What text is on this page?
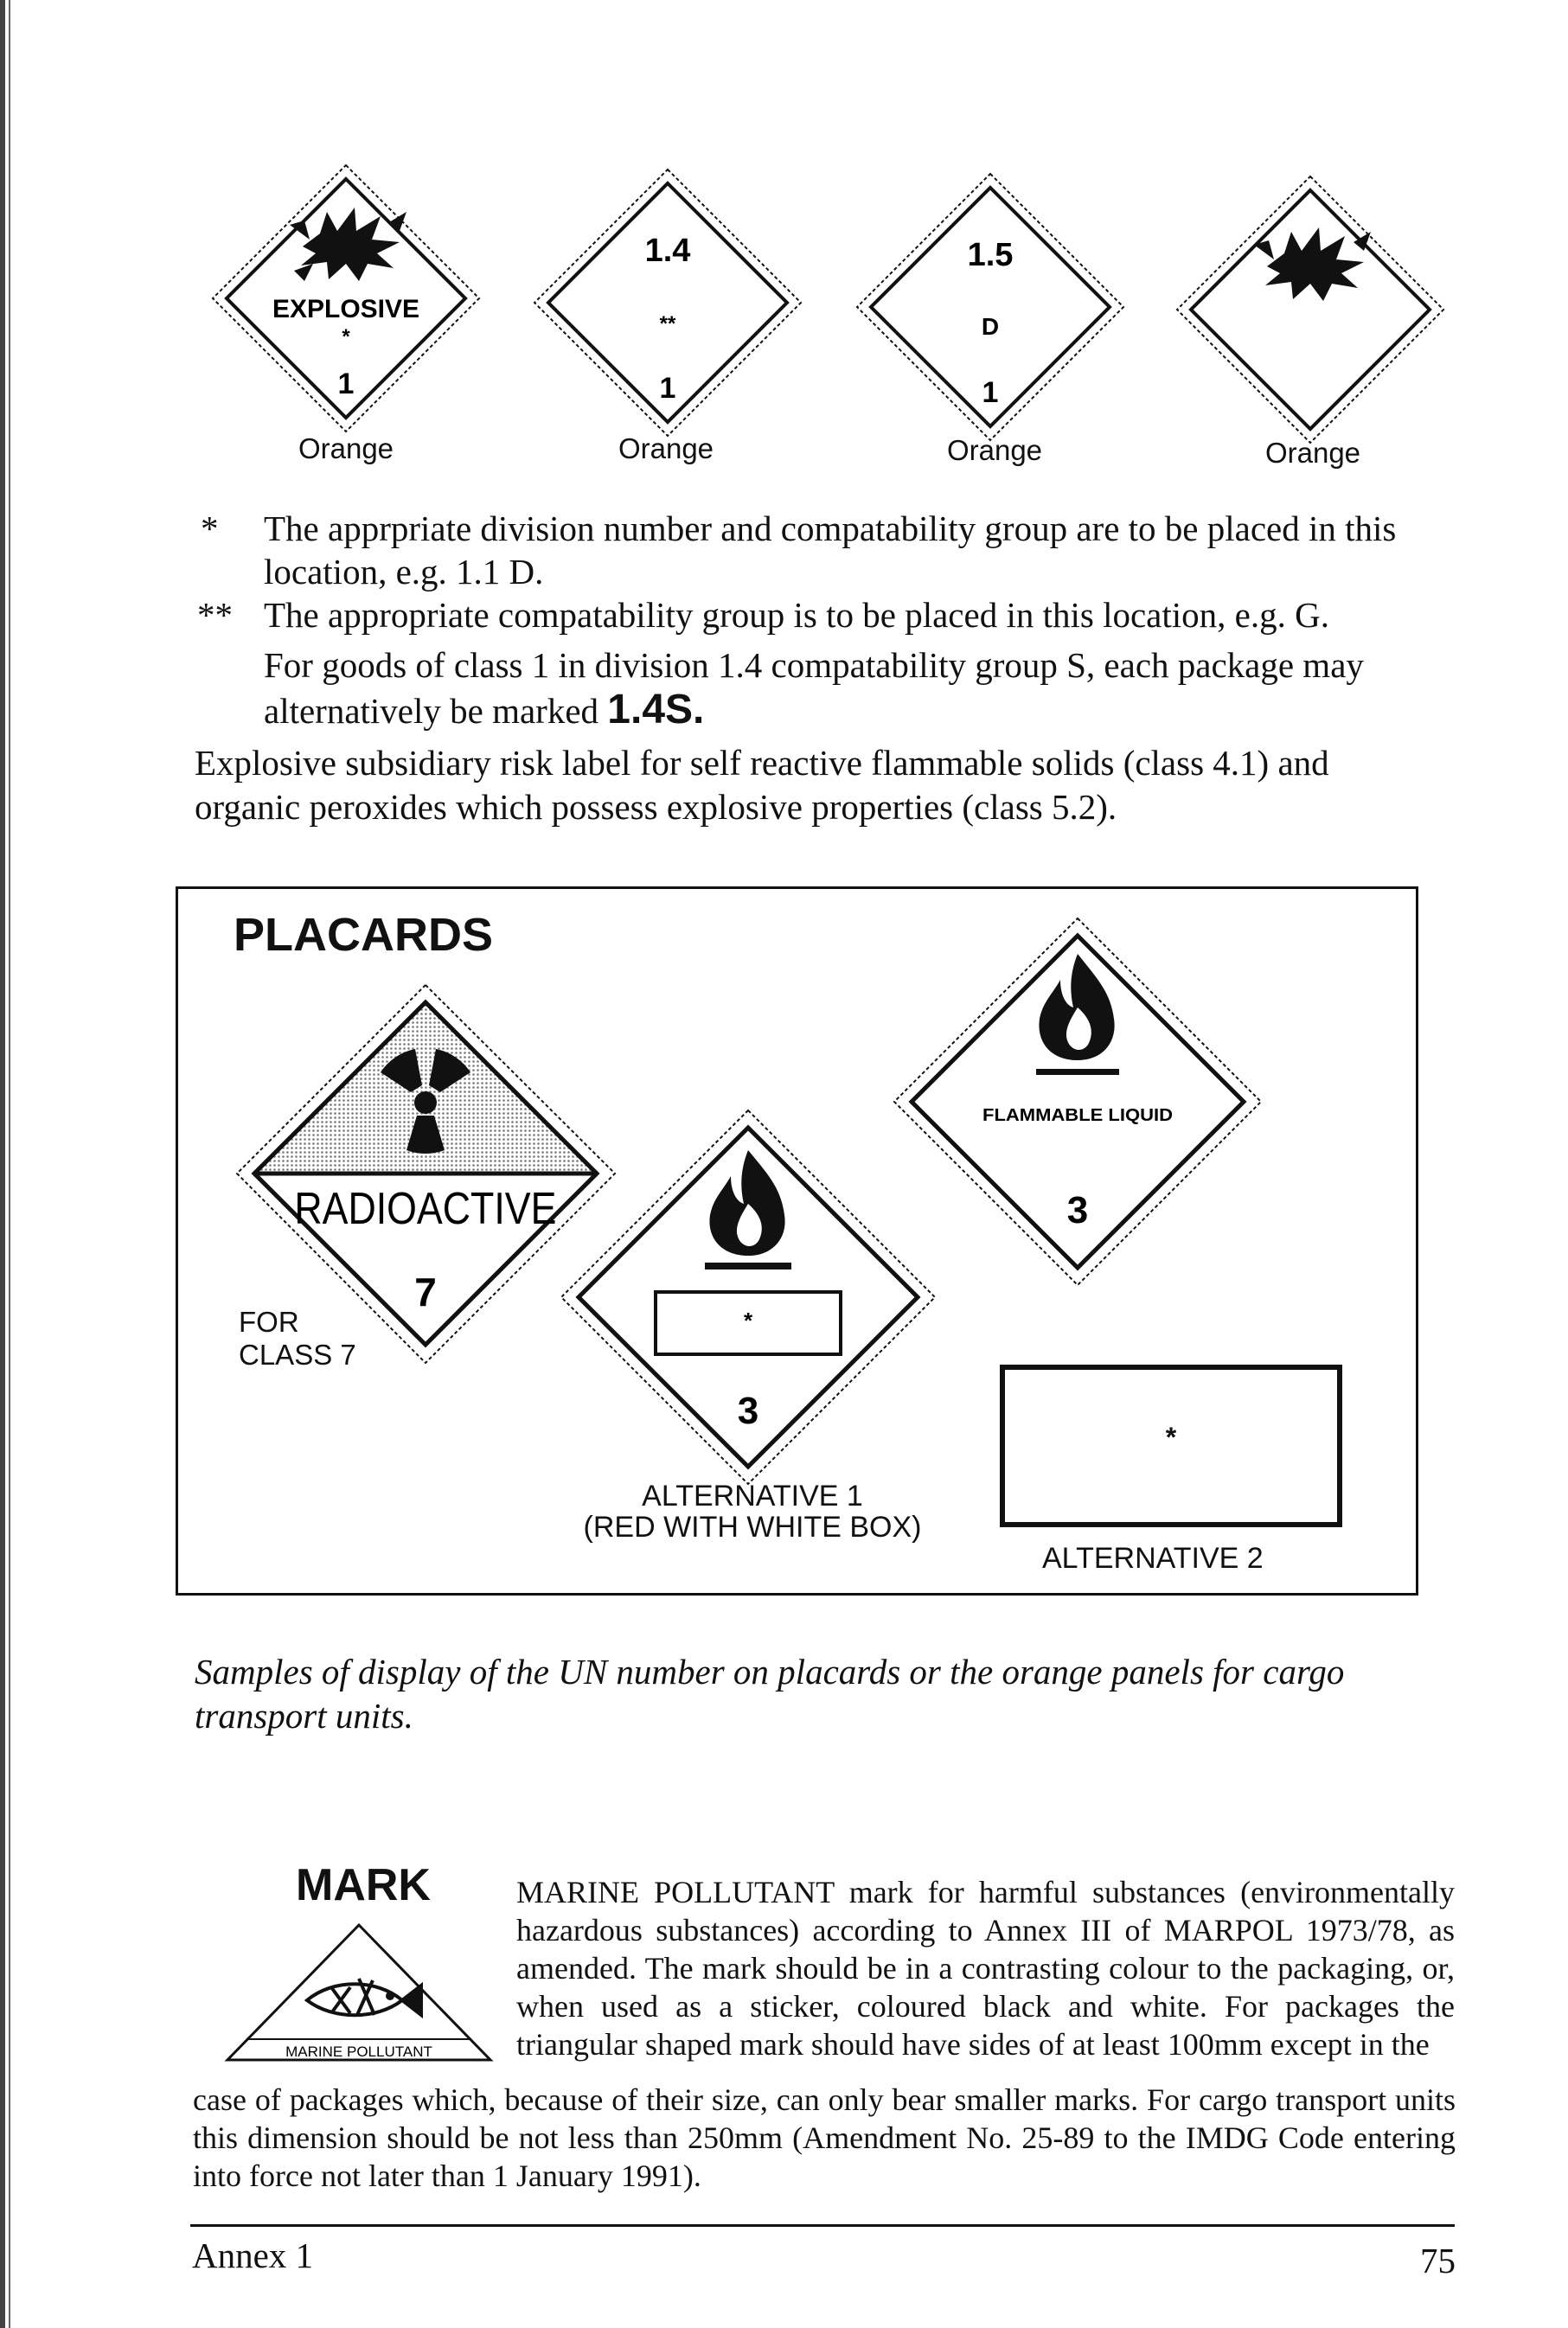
EXPLOSIVE
*
1
Orange
1.4
**
1
Orange
1.5
D
1
Orange	Orange
* The apprpriate division number and compatability group are to be placed in this location, e.g. 1.1 D.
** The appropriate compatability group is to be placed in this location, e.g. G.
For goods of class 1 in division 1.4 compatability group S, each package may
alternatively be marked 1.4S.
Explosive subsidiary risk label for self reactive flammable solids (class 4.1) and organic peroxides which possess explosive properties (class 5.2).
PLACARDS
RADIOACTIVE
7
FOR
CLASS 7
*
3
ALTERNATIVE 1
(RED WITH WHITE BOX)
FLAMMABLE LIQUID
3
*
ALTERNATIVE 2
Samples of display of the UN number on placards or the orange panels for cargo transport units.
MARK
MARINE POLLUTANT
MARINE POLLUTANT mark for harmful substances (environmentally hazardous substances) according to Annex III of MARPOL 1973/78, as amended. The mark should be in a contrasting colour to the packaging, or, when used as a sticker, coloured black and white. For packages the triangular shaped mark should have sides of at least 100mm except in the
case of packages which, because of their size, can only bear smaller marks. For cargo transport units this dimension should be not less than 250mm (Amendment No. 25-89 to the IMDG Code entering into force not later than 1 January 1991).
Annex 1	75
